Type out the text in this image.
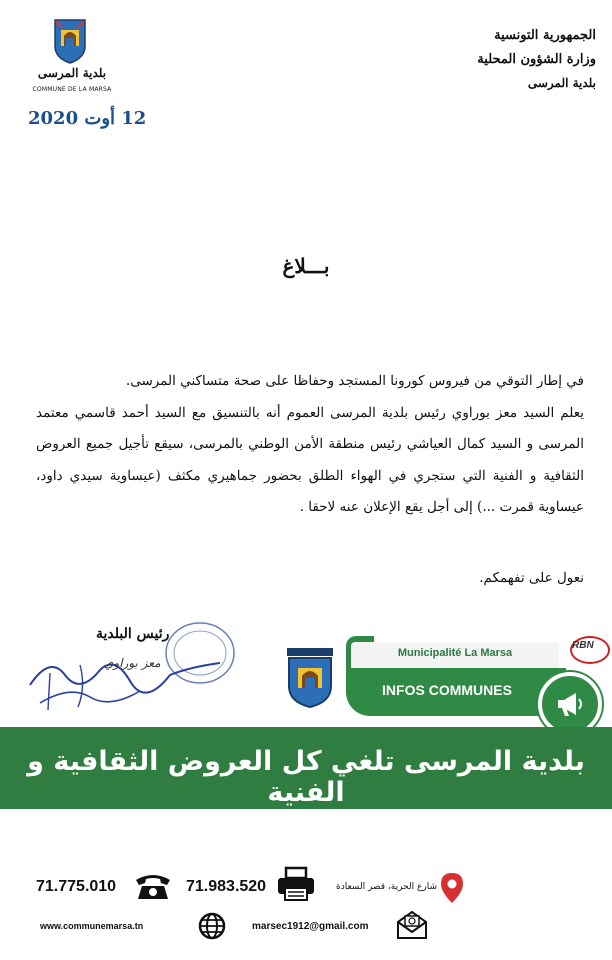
بلدية المرسى
COMMUNE DE LA MARSA
12 أوت 2020
الجمهورية التونسية
وزارة الشؤون المحلية
بلدية المرسى
بـــلاغ

في إطار التوقي من فيروس كورونا المستجد وحفاظا على صحة متساكني المرسى.

يعلم السيد معز بوراوي رئيس بلدية المرسى العموم أنه بالتنسيق مع السيد أحمد قاسمي معتمد المرسى و السيد كمال العياشي رئيس منطقة الأمن الوطني بالمرسى، سيقع تأجيل جميع العروض الثقافية و الفنية التي ستجري في الهواء الطلق بحضور جماهيري مكثف (عيساوية سيدي داود، عيساوية قمرت ...) إلى أجل يقع الإعلان عنه لاحقا .

نعول على تفهمكم.
رئيس البلدية
معز بوراوي
Municipalité La Marsa
INFOS COMMUNES
RBN
بلدية المرسى تلغي كل العروض الثقافية و الفنية
71.775.010	71.983.520	شارع الحرية، قصر السعادة
www.communemarsa.tn	marsec1912@gmail.com
